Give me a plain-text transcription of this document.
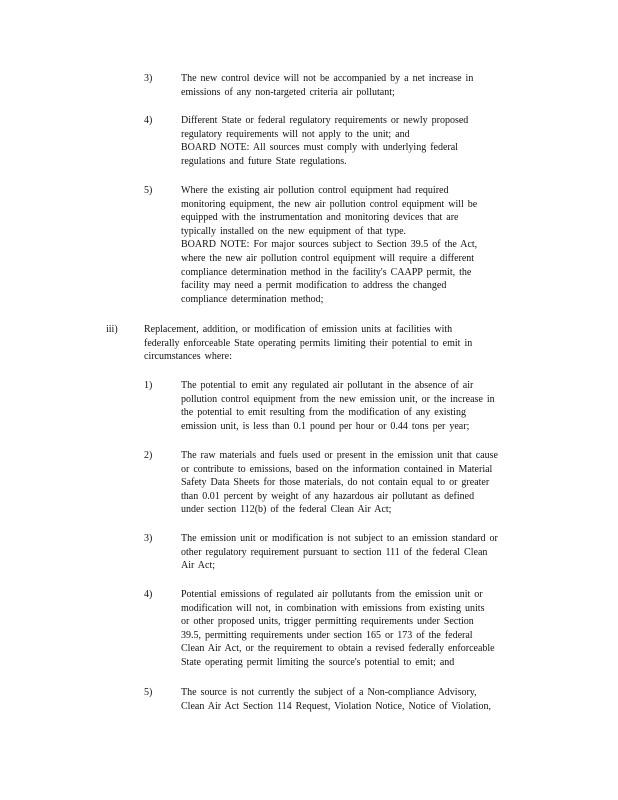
3)	The new control device will not be accompanied by a net increase in
emissions of any non-targeted criteria air pollutant;
4)	Different State or federal regulatory requirements or newly proposed
regulatory requirements will not apply to the unit; and
BOARD NOTE: All sources must comply with underlying federal
regulations and future State regulations.
5)	Where the existing air pollution control equipment had required
monitoring equipment, the new air pollution control equipment will be
equipped with the instrumentation and monitoring devices that are
typically installed on the new equipment of that type.
BOARD NOTE: For major sources subject to Section 39.5 of the Act,
where the new air pollution control equipment will require a different
compliance determination method in the facility's CAAPP permit, the
facility may need a permit modification to address the changed
compliance determination method;
iii)	Replacement, addition, or modification of emission units at facilities with
federally enforceable State operating permits limiting their potential to emit in
circumstances where:
1)	The potential to emit any regulated air pollutant in the absence of air
pollution control equipment from the new emission unit, or the increase in
the potential to emit resulting from the modification of any existing
emission unit, is less than 0.1 pound per hour or 0.44 tons per year;
2)	The raw materials and fuels used or present in the emission unit that cause
or contribute to emissions, based on the information contained in Material
Safety Data Sheets for those materials, do not contain equal to or greater
than 0.01 percent by weight of any hazardous air pollutant as defined
under section 112(b) of the federal Clean Air Act;
3)	The emission unit or modification is not subject to an emission standard or
other regulatory requirement pursuant to section 111 of the federal Clean
Air Act;
4)	Potential emissions of regulated air pollutants from the emission unit or
modification will not, in combination with emissions from existing units
or other proposed units, trigger permitting requirements under Section
39.5, permitting requirements under section 165 or 173 of the federal
Clean Air Act, or the requirement to obtain a revised federally enforceable
State operating permit limiting the source's potential to emit; and
5)	The source is not currently the subject of a Non-compliance Advisory,
Clean Air Act Section 114 Request, Violation Notice, Notice of Violation,
